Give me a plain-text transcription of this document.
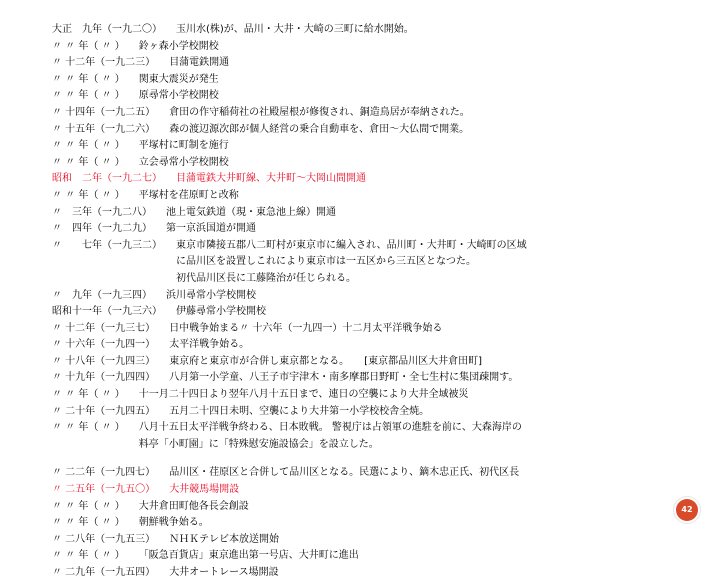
大正　九年（一九二〇） 玉川水(株)が、品川・大井・大崎の三町に給水開始。
〃 〃 年（ 〃 ） 鈴ヶ森小学校開校
〃 十二年（一九二三） 目蒲電鉄開通
〃 〃 年（ 〃 ） 関東大震災が発生
〃 〃 年（ 〃 ） 原尋常小学校開校
〃 十四年（一九二五） 倉田の作守稲荷社の社殿屋根が修復され、銅造鳥居が奉納された。
〃 十五年（一九二六） 森の渡辺源次郎が個人経営の乗合自動車を、倉田〜大仏間で開業。
〃 〃 年（ 〃 ） 平塚村に町制を施行
〃 〃 年（ 〃 ） 立会尋常小学校開校
昭和　二年（一九二七） 目蒲電鉄大井町線、大井町〜大岡山間開通
〃 〃 年（ 〃 ） 平塚村を荏原町と改称
〃　三年（一九二八） 池上電気鉄道（現・東急池上線）開通
〃　四年（一九二九） 第一京浜国道が開通
〃　　七年（一九三二） 東京市隣接五郡八二町村が東京市に編入され、品川町・大井町・大崎町の区域
に品川区を設置しこれにより東京市は一五区から三五区となつた。
初代品川区長に工藤隆治が任じられる。
〃　九年（一九三四） 浜川尋常小学校開校
昭和十一年（一九三六） 伊藤尋常小学校開校
〃 十二年（一九三七） 日中戦争始まる〃 十六年（一九四一）十二月太平洋戦争始る
〃 十六年（一九四一） 太平洋戦争始る。
〃 十八年（一九四三） 東京府と東京市が合併し東京都となる。　　[東京都品川区大井倉田町]
〃 十九年（一九四四） 八月第一小学童、八王子市宇津木・南多摩郡日野町・全七生村に集団疎開す。
〃 〃 年（ 〃 ） 十一月二十四日より翌年八月十五日まで、連日の空襲により大井全域被災
〃 二十年（一九四五） 五月二十四日未明、空襲により大井第一小学校校舎全焼。
〃 〃 年（ 〃 ） 八月十五日太平洋戦争終わる、日本敗戦。 警視庁は占領軍の進駐を前に、大森海岸の
料亭「小町園」に「特殊慰安施設協会」を設立した。
〃 二二年（一九四七） 品川区・荏原区と合併して品川区となる。民選により、鏑木忠正氏、初代区長
〃 二五年（一九五〇） 大井競馬場開設
〃 〃 年（ 〃 ） 大井倉田町他各長会創設
〃 〃 年（ 〃 ） 朝鮮戦争始る。
〃 二八年（一九五三） ＮＨＫテレビ本放送開始
〃 〃 年（ 〃 ） 「阪急百貨店」東京進出第一号店、大井町に進出
〃 二九年（一九五四） 大井オートレース場開設
42
